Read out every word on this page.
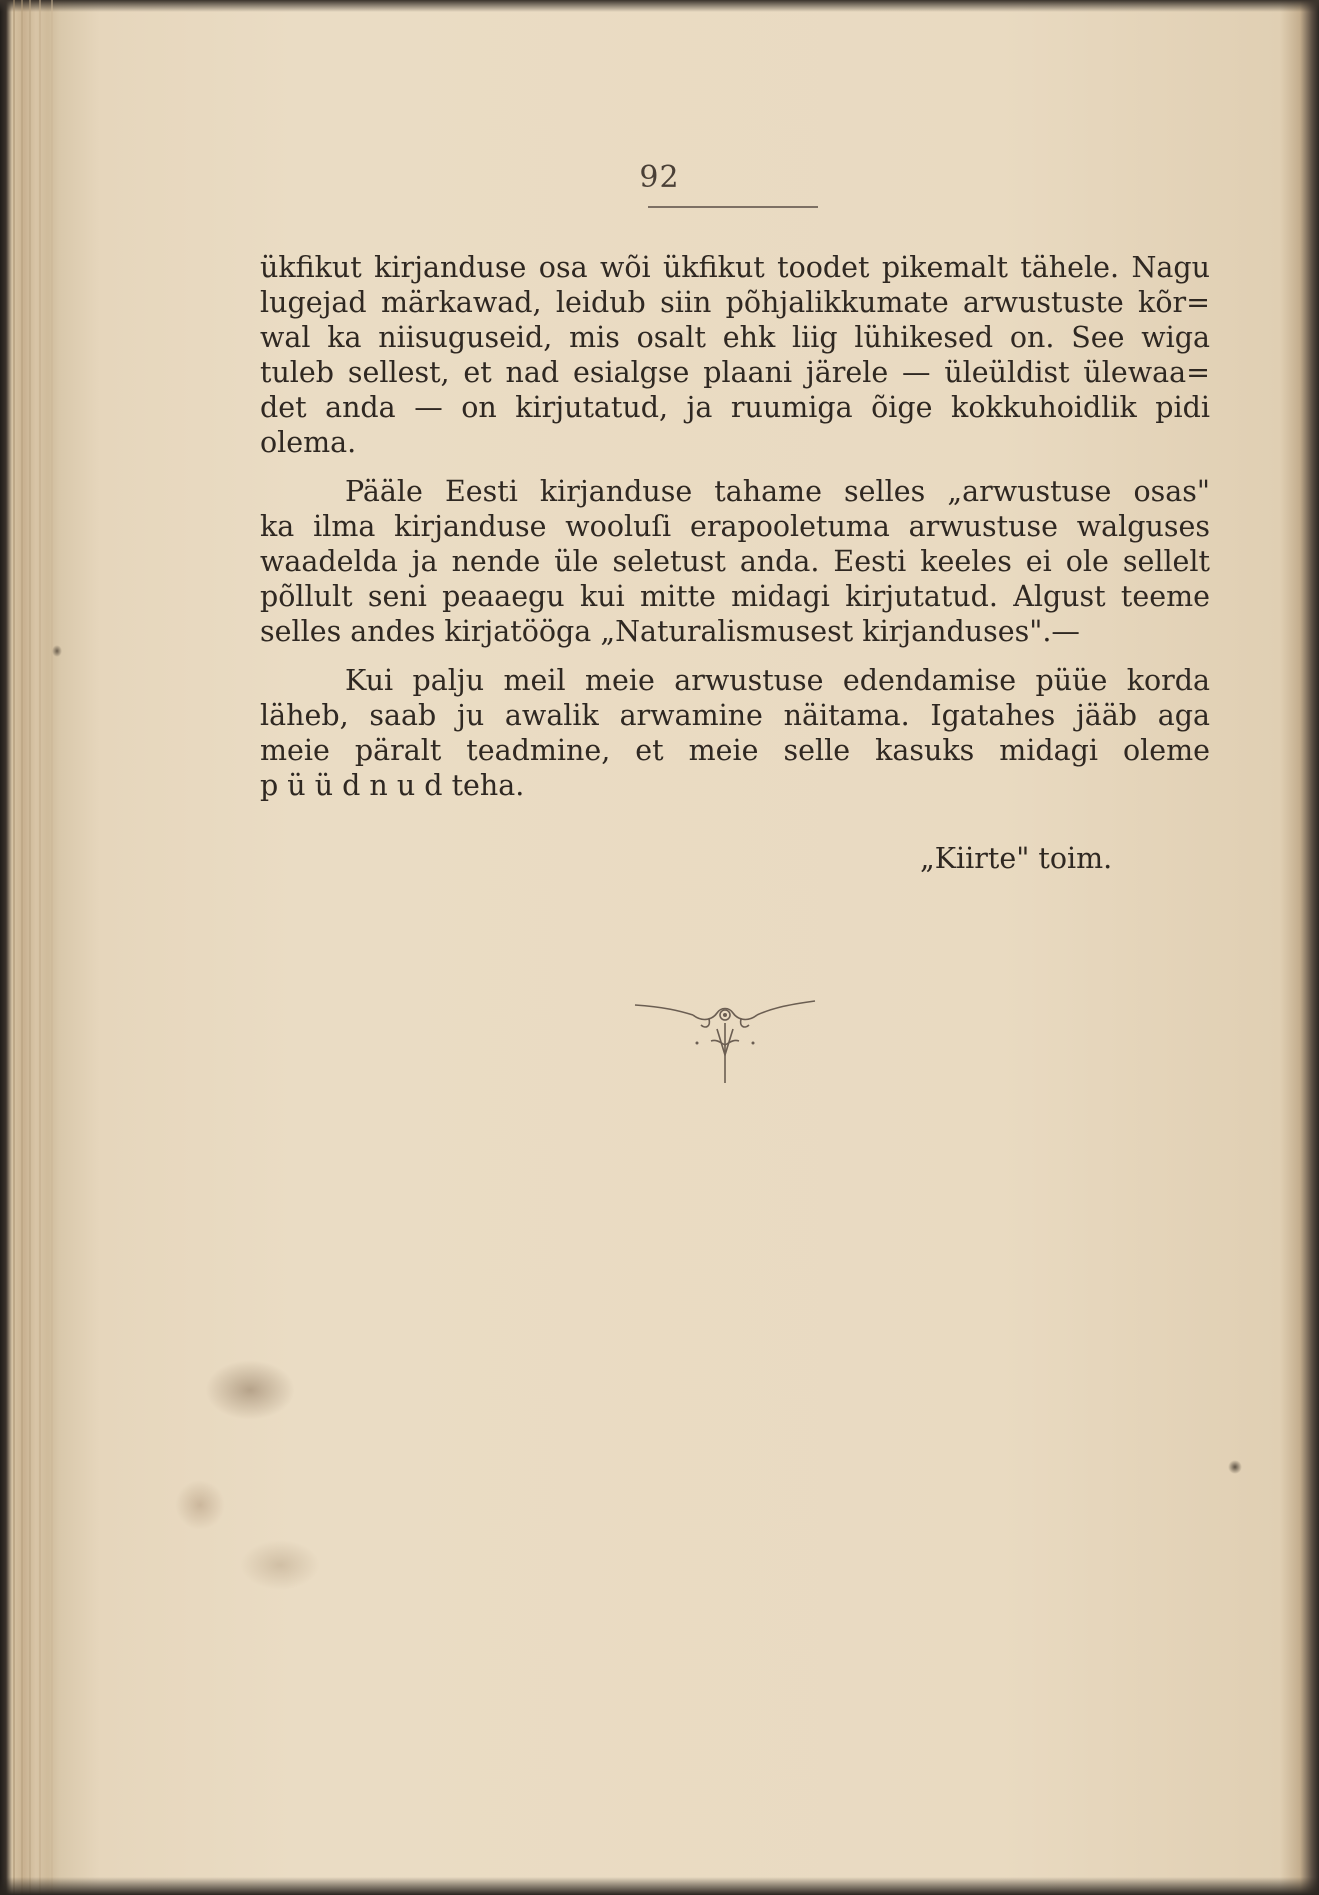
92
ükfikut kirjanduse osa wõi ükfikut toodet pikemalt tähele. Nagu
lugejad märkawad, leidub siin põhjalikkumate arwustuste kõr=
wal ka niisuguseid, mis osalt ehk liig lühikesed on. See wiga
tuleb sellest, et nad esialgse plaani järele — üleüldist ülewaa=
det anda — on kirjutatud, ja ruumiga õige kokkuhoidlik pidi
olema.
Pääle Eesti kirjanduse tahame selles „arwustuse osas"
ka ilma kirjanduse wooluſi erapooletuma arwustuse walguses
waadelda ja nende üle seletust anda. Eesti keeles ei ole sellelt
põllult seni peaaegu kui mitte midagi kirjutatud. Algust teeme
selles andes kirjatööga „Naturalismusest kirjanduses".—
Kui palju meil meie arwustuse edendamise püüe korda
läheb, saab ju awalik arwamine näitama. Igatahes jääb aga
meie päralt teadmine, et meie selle kasuks midagi oleme
p ü ü d n u d teha.
„Kiirte" toim.
